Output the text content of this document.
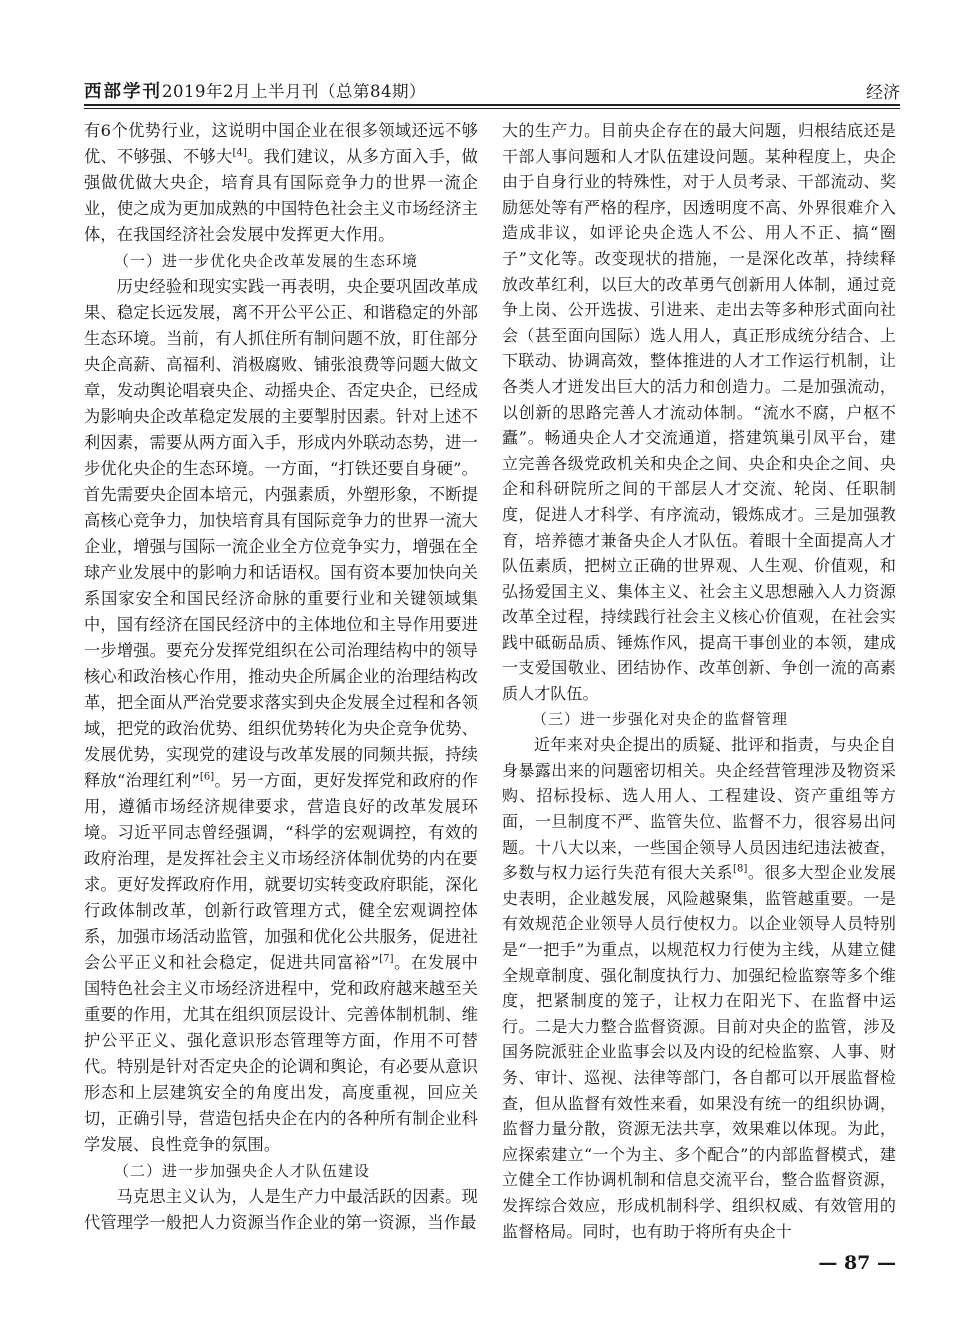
西部学刊2019年2月上半月刊（总第84期）	经济

有6个优势行业，这说明中国企业在很多领域还远不够优、不够强、不够大[4]。我们建议，从多方面入手，做强做优做大央企，培育具有国际竞争力的世界一流企业，使之成为更加成熟的中国特色社会主义市场经济主体，在我国经济社会发展中发挥更大作用。

（一）进一步优化央企改革发展的生态环境

历史经验和现实实践一再表明，央企要巩固改革成果、稳定长远发展，离不开公平公正、和谐稳定的外部生态环境。当前，有人抓住所有制问题不放，盯住部分央企高薪、高福利、消极腐败、铺张浪费等问题大做文章，发动舆论唱衰央企、动摇央企、否定央企，已经成为影响央企改革稳定发展的主要掣肘因素。针对上述不利因素，需要从两方面入手，形成内外联动态势，进一步优化央企的生态环境。一方面，“打铁还要自身硬”。首先需要央企固本培元，内强素质，外塑形象，不断提高核心竞争力，加快培育具有国际竞争力的世界一流大企业，增强与国际一流企业全方位竞争实力，增强在全球产业发展中的影响力和话语权。国有资本要加快向关系国家安全和国民经济命脉的重要行业和关键领域集中，国有经济在国民经济中的主体地位和主导作用要进一步增强。要充分发挥党组织在公司治理结构中的领导核心和政治核心作用，推动央企所属企业的治理结构改革，把全面从严治党要求落实到央企发展全过程和各领域，把党的政治优势、组织优势转化为央企竞争优势、发展优势，实现党的建设与改革发展的同频共振，持续释放“治理红利”[6]。另一方面，更好发挥党和政府的作用，遵循市场经济规律要求，营造良好的改革发展环境。习近平同志曾经强调，“科学的宏观调控，有效的政府治理，是发挥社会主义市场经济体制优势的内在要求。更好发挥政府作用，就要切实转变政府职能，深化行政体制改革，创新行政管理方式，健全宏观调控体系，加强市场活动监管，加强和优化公共服务，促进社会公平正义和社会稳定，促进共同富裕”[7]。在发展中国特色社会主义市场经济进程中，党和政府越来越至关重要的作用，尤其在组织顶层设计、完善体制机制、维护公平正义、强化意识形态管理等方面，作用不可替代。特别是针对否定央企的论调和舆论，有必要从意识形态和上层建筑安全的角度出发，高度重视，回应关切，正确引导，营造包括央企在内的各种所有制企业科学发展、良性竞争的氛围。

（二）进一步加强央企人才队伍建设

马克思主义认为，人是生产力中最活跃的因素。现代管理学一般把人力资源当作企业的第一资源，当作最

大的生产力。目前央企存在的最大问题，归根结底还是干部人事问题和人才队伍建设问题。某种程度上，央企由于自身行业的特殊性，对于人员考录、干部流动、奖励惩处等有严格的程序，因透明度不高、外界很难介入造成非议，如评论央企选人不公、用人不正、搞“圈子”文化等。改变现状的措施，一是深化改革，持续释放改革红利，以巨大的改革勇气创新用人体制，通过竞争上岗、公开选拔、引进来、走出去等多种形式面向社会（甚至面向国际）选人用人，真正形成统分结合、上下联动、协调高效，整体推进的人才工作运行机制，让各类人才迸发出巨大的活力和创造力。二是加强流动，以创新的思路完善人才流动体制。“流水不腐，户枢不蠹”。畅通央企人才交流通道，搭建筑巢引凤平台，建立完善各级党政机关和央企之间、央企和央企之间、央企和科研院所之间的干部层人才交流、轮岗、任职制度，促进人才科学、有序流动，锻炼成才。三是加强教育，培养德才兼备央企人才队伍。着眼十全面提高人才队伍素质，把树立正确的世界观、人生观、价值观，和弘扬爱国主义、集体主义、社会主义思想融入人力资源改革全过程，持续践行社会主义核心价值观，在社会实践中砥砺品质、锤炼作风，提高干事创业的本领，建成一支爱国敬业、团结协作、改革创新、争创一流的高素质人才队伍。

（三）进一步强化对央企的监督管理

近年来对央企提出的质疑、批评和指责，与央企自身暴露出来的问题密切相关。央企经营管理涉及物资采购、招标投标、选人用人、工程建设、资产重组等方面，一旦制度不严、监管失位、监督不力，很容易出问题。十八大以来，一些国企领导人员因违纪违法被查，多数与权力运行失范有很大关系[8]。很多大型企业发展史表明，企业越发展，风险越聚集，监管越重要。一是有效规范企业领导人员行使权力。以企业领导人员特别是“一把手”为重点，以规范权力行使为主线，从建立健全规章制度、强化制度执行力、加强纪检监察等多个维度，把紧制度的笼子，让权力在阳光下、在监督中运行。二是大力整合监督资源。目前对央企的监管，涉及国务院派驻企业监事会以及内设的纪检监察、人事、财务、审计、巡视、法律等部门，各自都可以开展监督检查，但从监督有效性来看，如果没有统一的组织协调，监督力量分散，资源无法共享，效果难以体现。为此，应探索建立“一个为主、多个配合”的内部监督模式，建立健全工作协调机制和信息交流平台，整合监督资源，发挥综合效应，形成机制科学、组织权威、有效管用的监督格局。同时，也有助于将所有央企十

— 87 —
